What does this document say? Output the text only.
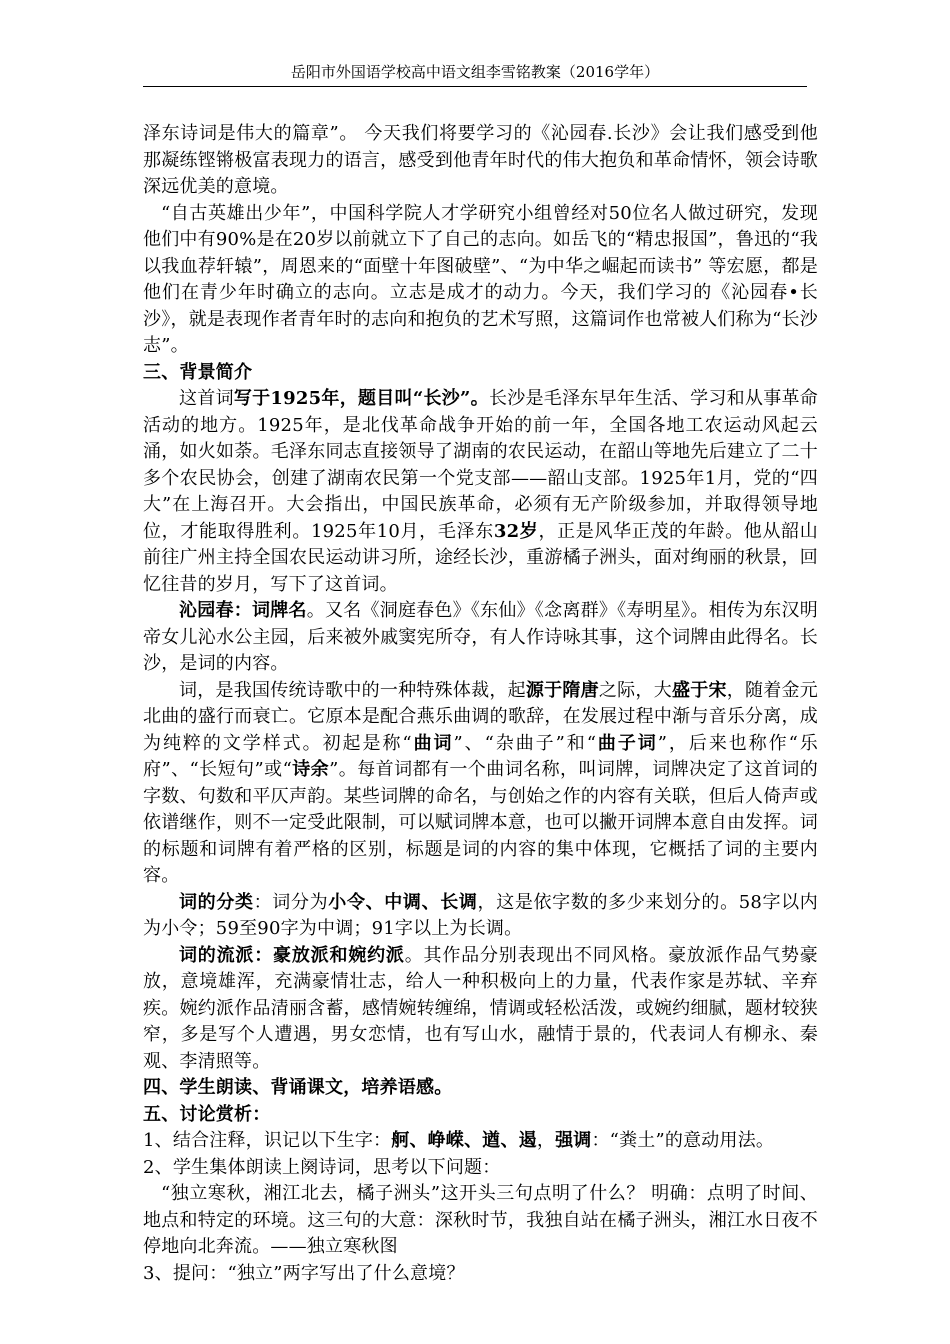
岳阳市外国语学校高中语文组李雪铭教案（2016学年）

泽东诗词是伟大的篇章”。 今天我们将要学习的《沁园春.长沙》会让我们感受到他那凝练铿锵极富表现力的语言，感受到他青年时代的伟大抱负和革命情怀，领会诗歌深远优美的意境。

“自古英雄出少年”，中国科学院人才学研究小组曾经对50位名人做过研究，发现他们中有90%是在20岁以前就立下了自己的志向。如岳飞的“精忠报国”，鲁迅的“我以我血荐轩辕”，周恩来的“面壁十年图破壁”、“为中华之崛起而读书” 等宏愿，都是他们在青少年时确立的志向。立志是成才的动力。今天，我们学习的《沁园春•长沙》，就是表现作者青年时的志向和抱负的艺术写照，这篇词作也常被人们称为“长沙志”。

三、背景简介

这首词写于1925年，题目叫“长沙”。长沙是毛泽东早年生活、学习和从事革命活动的地方。1925年，是北伐革命战争开始的前一年，全国各地工农运动风起云涌，如火如荼。毛泽东同志直接领导了湖南的农民运动，在韶山等地先后建立了二十多个农民协会，创建了湖南农民第一个党支部——韶山支部。1925年1月，党的“四大”在上海召开。大会指出，中国民族革命，必须有无产阶级参加，并取得领导地位，才能取得胜利。1925年10月，毛泽东32岁，正是风华正茂的年龄。他从韶山前往广州主持全国农民运动讲习所，途经长沙，重游橘子洲头，面对绚丽的秋景，回忆往昔的岁月，写下了这首词。

沁园春：词牌名。又名《洞庭春色》《东仙》《念离群》《寿明星》。相传为东汉明帝女儿沁水公主园，后来被外戚窦宪所夺，有人作诗咏其事，这个词牌由此得名。长沙，是词的内容。

词，是我国传统诗歌中的一种特殊体裁，起源于隋唐之际，大盛于宋，随着金元北曲的盛行而衰亡。它原本是配合燕乐曲调的歌辞，在发展过程中渐与音乐分离，成为纯粹的文学样式。初起是称“曲词”、“杂曲子”和“曲子词”，后来也称作“乐府”、“长短句”或“诗余”。每首词都有一个曲词名称，叫词牌，词牌决定了这首词的字数、句数和平仄声韵。某些词牌的命名，与创始之作的内容有关联，但后人倚声或依谱继作，则不一定受此限制，可以赋词牌本意，也可以撇开词牌本意自由发挥。词的标题和词牌有着严格的区别，标题是词的内容的集中体现，它概括了词的主要内容。

词的分类：词分为小令、中调、长调，这是依字数的多少来划分的。58字以内为小令；59至90字为中调；91字以上为长调。

词的流派：豪放派和婉约派。其作品分别表现出不同风格。豪放派作品气势豪放，意境雄浑，充满豪情壮志，给人一种积极向上的力量，代表作家是苏轼、辛弃疾。婉约派作品清丽含蓄，感情婉转缠绵，情调或轻松活泼，或婉约细腻，题材较狭窄，多是写个人遭遇，男女恋情，也有写山水，融情于景的，代表词人有柳永、秦观、李清照等。

四、学生朗读、背诵课文，培养语感。

五、讨论赏析：

1、结合注释，识记以下生字：舸、峥嵘、遒、遏，强调：“粪土”的意动用法。

2、学生集体朗读上阕诗词，思考以下问题：

“独立寒秋，湘江北去，橘子洲头”这开头三句点明了什么？ 明确：点明了时间、地点和特定的环境。这三句的大意：深秋时节，我独自站在橘子洲头，湘江水日夜不停地向北奔流。——独立寒秋图

3、提问：“独立”两字写出了什么意境？
